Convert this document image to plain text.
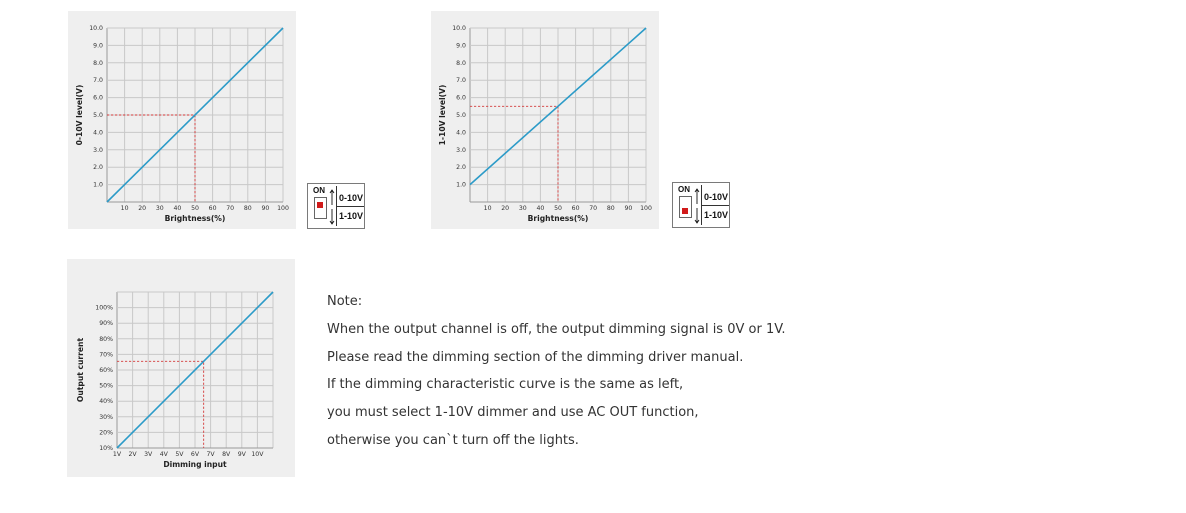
10 20 30 40 50 60 70 80 90 100
1.0
2.0
3.0
4.0
5.0
6.0
7.0
8.0
9.0
10.0
Brightness(%)
0-10V level(V)
ON
0-10V
1-10V
10 20 30 40 50 60 70 80 90 100
1.0
2.0
3.0
4.0
5.0
6.0
7.0
8.0
9.0
10.0
Brightness(%)
1-10V level(V)
ON
0-10V
1-10V
1V 2V 3V 4V 5V 6V 7V 8V 9V 10V
10%
20%
30%
40%
50%
60%
70%
80%
90%
100%
Dimming input
Output current
Note:
When the output channel is off, the output dimming signal is 0V or 1V.
Please read the dimming section of the dimming driver manual.
If the dimming characteristic curve is the same as left,
you must select 1-10V dimmer and use AC OUT function,
otherwise you can`t turn off the lights.
